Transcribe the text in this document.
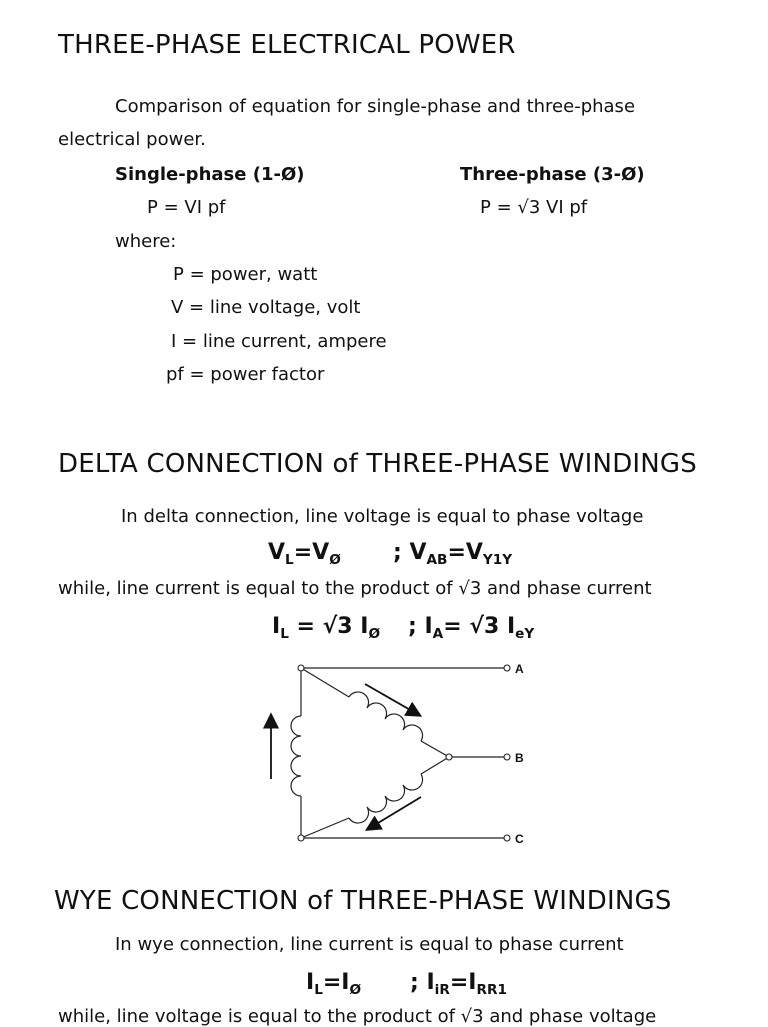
THREE-PHASE ELECTRICAL POWER
Comparison of equation for single-phase and three-phase
electrical power.
Single-phase (1-Ø)	Three-phase (3-Ø)
P = VI pf	P = √3 VI pf
where:
P = power, watt
V = line voltage, volt
I = line current, ampere
pf = power factor
DELTA CONNECTION of THREE-PHASE WINDINGS
In delta connection, line voltage is equal to phase voltage
$V_L=V_Ø$ ; $V_{AB}=V_{Y1Y}$
while, line current is equal to the product of √3 and phase current
$I_L = √3$ $I_Ø$ ; $I_A= √3$ $I_{eY}$
A
B
C
WYE CONNECTION of THREE-PHASE WINDINGS
In wye connection, line current is equal to phase current
$I_L=I_Ø$ ; $I_{iR}=I_{RR1}$
while, line voltage is equal to the product of √3 and phase voltage
